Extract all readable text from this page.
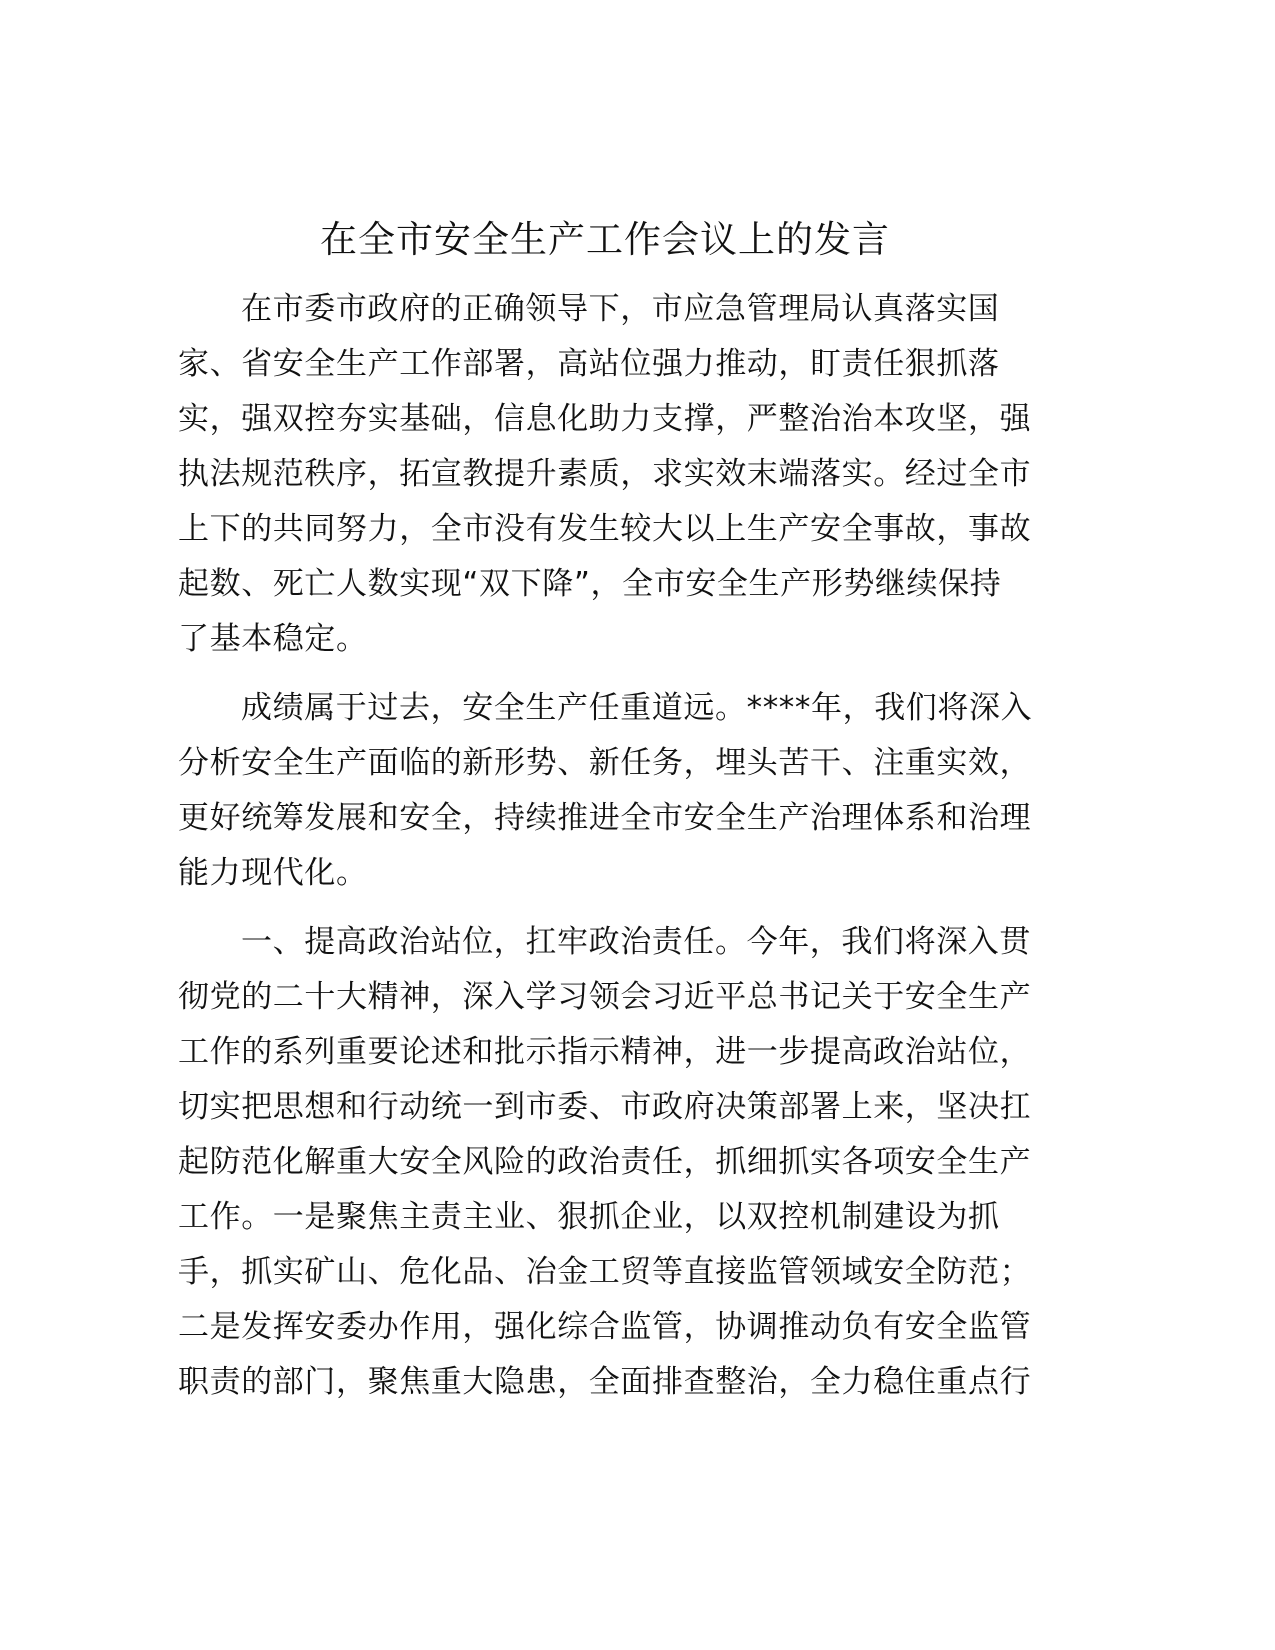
在全市安全生产工作会议上的发言
在市委市政府的正确领导下，市应急管理局认真落实国
家、省安全生产工作部署，高站位强力推动，盯责任狠抓落
实，强双控夯实基础，信息化助力支撑，严整治治本攻坚，强
执法规范秩序，拓宣教提升素质，求实效末端落实。经过全市
上下的共同努力，全市没有发生较大以上生产安全事故，事故
起数、死亡人数实现“双下降”，全市安全生产形势继续保持
了基本稳定。
成绩属于过去，安全生产任重道远。****年，我们将深入
分析安全生产面临的新形势、新任务，埋头苦干、注重实效，
更好统筹发展和安全，持续推进全市安全生产治理体系和治理
能力现代化。
一、提高政治站位，扛牢政治责任。今年，我们将深入贯
彻党的二十大精神，深入学习领会习近平总书记关于安全生产
工作的系列重要论述和批示指示精神，进一步提高政治站位，
切实把思想和行动统一到市委、市政府决策部署上来，坚决扛
起防范化解重大安全风险的政治责任，抓细抓实各项安全生产
工作。一是聚焦主责主业、狠抓企业，以双控机制建设为抓
手，抓实矿山、危化品、冶金工贸等直接监管领域安全防范；
二是发挥安委办作用，强化综合监管，协调推动负有安全监管
职责的部门，聚焦重大隐患，全面排查整治，全力稳住重点行
